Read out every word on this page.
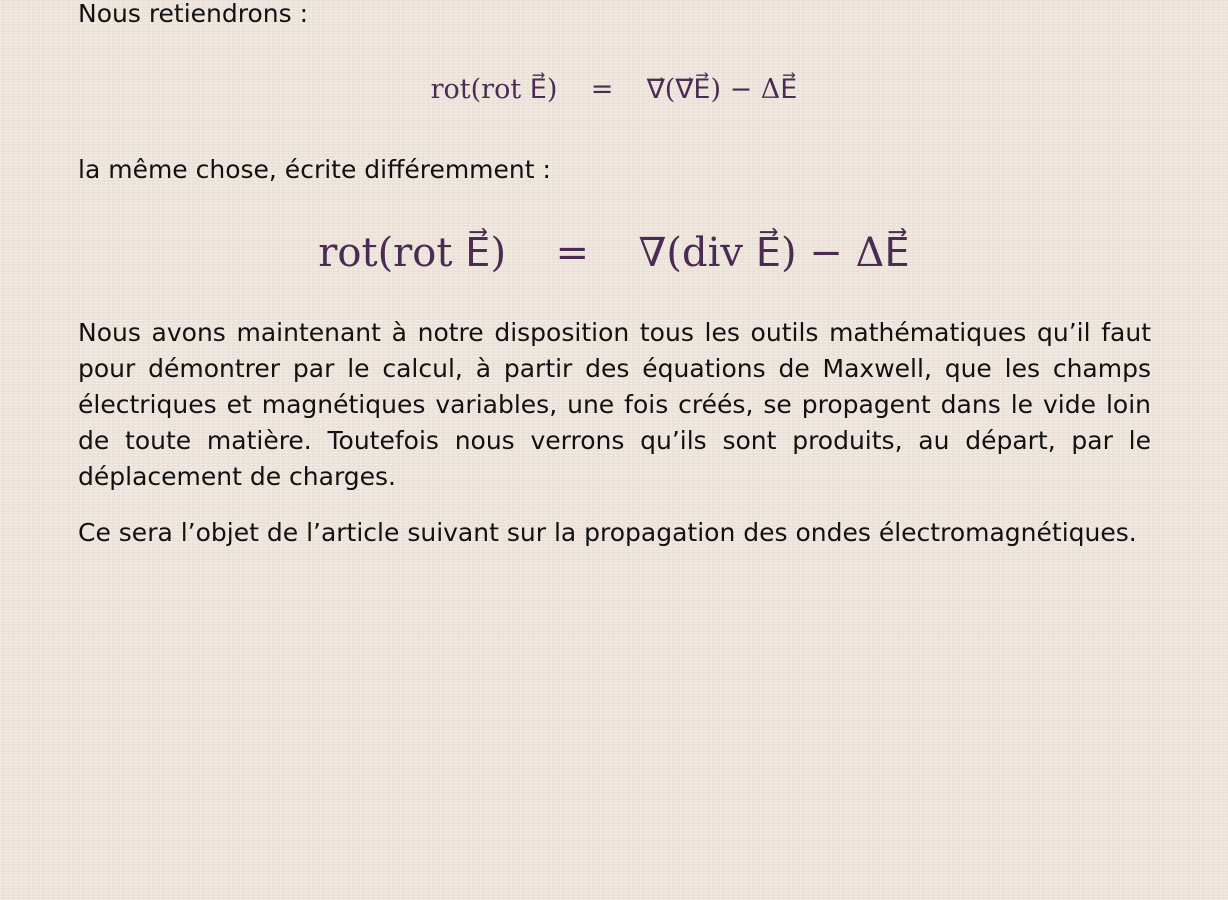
Nous retiendrons :

rot(rot E⃗) = ∇⃗(∇⃗E⃗) − ΔE⃗

la même chose, écrite différemment :

rot(rot E⃗) = ∇(div E⃗) − ΔE⃗

Nous avons maintenant à notre disposition tous les outils mathématiques qu’il faut pour démontrer par le calcul, à partir des équations de Maxwell, que les champs électriques et magnétiques variables, une fois créés, se propagent dans le vide loin de toute matière. Toutefois nous verrons qu’ils sont produits, au départ, par le déplacement de charges.

Ce sera l’objet de l’article suivant sur la propagation des ondes électromagnétiques.
